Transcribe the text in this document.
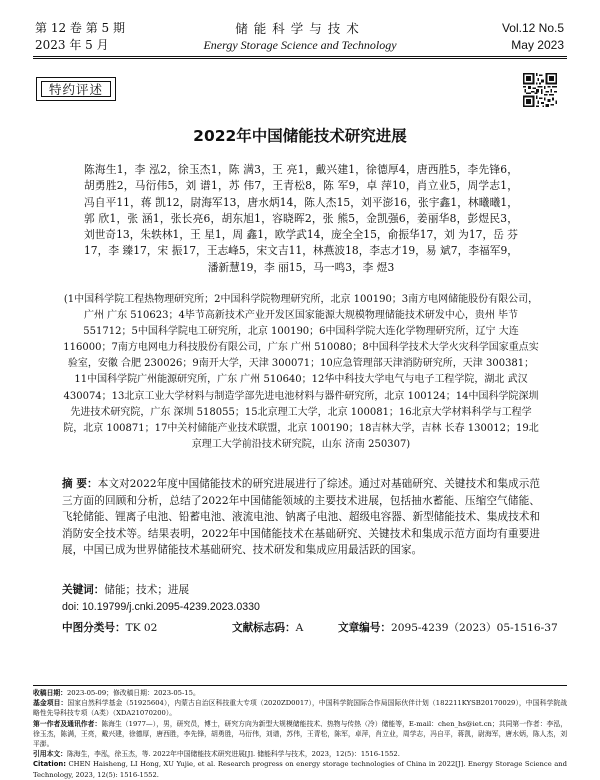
第 12 卷 第 5 期
2023 年 5 月
储能科学与技术
Energy Storage Science and Technology
Vol.12 No.5
May 2023
特约评述
2022年中国储能技术研究进展
陈海生1，李 泓2，徐玉杰1，陈 满3，王 亮1，戴兴建1，徐德厚4，唐西胜5，李先锋6，胡勇胜2，马衍伟5，刘 谱1，苏 伟7，王青松8，陈 军9，卓 萍10，肖立业5，周学志1，冯自平11，蒋 凯12，尉海军13，唐水炳14，陈人杰15，刘平澎16，张宇鑫1，林曦曦1，郭 欣1，张 涵1，张长亮6，胡东旭1，容晓晖2，张 熊5，金凯强6，姜丽华8，彭煜民3，刘世奇13，朱轶林1，王 星1，周 鑫1，欧学武14，庞全全15，俞振华17，刘 为17，岳 芬17，李 臻17，宋 振17，王志峰5，宋文吉11，林燕波18，李志才19，易 斌7，李福军9，潘新慧19，李 丽15，马一鸣3，李 煜3
(1中国科学院工程热物理研究所；2中国科学院物理研究所，北京 100190；3南方电网储能股份有限公司，广州 广东 510623；4毕节高新技术产业开发区国家能源大规模物理储能技术研发中心，贵州 毕节 551712；5中国科学院电工研究所，北京 100190；6中国科学院大连化学物理研究所，辽宁 大连 116000；7南方电网电力科技股份有限公司，广东 广州 510080；8中国科学技术大学火灾科学国家重点实验室，安徽 合肥 230026；9南开大学，天津 300071；10应急管理部天津消防研究所，天津 300381；11中国科学院广州能源研究所，广东 广州 510640；12华中科技大学电气与电子工程学院，湖北 武汉 430074；13北京工业大学材料与制造学部先进电池材料与器件研究所，北京 100124；14中国科学院深圳先进技术研究院，广东 深圳 518055；15北京理工大学，北京 100081；16北京大学材料科学与工程学院，北京 100871；17中关村储能产业技术联盟，北京 100190；18吉林大学，吉林 长春 130012；19北京理工大学前沿技术研究院，山东 济南 250307)
摘 要：本文对2022年度中国储能技术的研究进展进行了综述。通过对基础研究、关键技术和集成示范三方面的回顾和分析，总结了2022年中国储能领域的主要技术进展，包括抽水蓄能、压缩空气储能、飞轮储能、锂离子电池、铅蓄电池、液流电池、钠离子电池、超级电容器、新型储能技术、集成技术和消防安全技术等。结果表明，2022年中国储能技术在基础研究、关键技术和集成示范方面均有重要进展，中国已成为世界储能技术基础研究、技术研发和集成应用最活跃的国家。
关键词：储能；技术；进展
doi: 10.19799/j.cnki.2095-4239.2023.0330
中图分类号：TK 02	文献标志码：A	文章编号：2095-4239（2023）05-1516-37
收稿日期：2023-05-09；修改稿日期：2023-05-15。
基金项目：国家自然科学基金（51925604），内蒙古自治区科技重大专项（2020ZD0017），中国科学院国际合作局国际伙伴计划（182211KYSB20170029），中国科学院战略性先导科技专项（A类）（XDA21070200）。
第一作者及通讯作者：陈海生（1977—），男，研究员，博士，研究方向为新型大规模储能技术、热物与传热（冷）储能等，E-mail：chen_hs@iet.cn；共同第一作者：李泓，徐玉杰，陈满，王亮，戴兴建，徐德厚，唐西胜，李先锋，胡勇胜，马衍伟，刘谱，苏伟，王青松，陈军，卓萍，肖立业，周学志，冯自平，蒋凯，尉海军，唐水炳，陈人杰，刘平澎。
引用本文：陈海生，李泓，徐玉杰，等. 2022年中国储能技术研究进展[J]. 储能科学与技术，2023，12(5)：1516-1552.
Citation: CHEN Haisheng, LI Hong, XU Yujie, et al. Research progress on energy storage technologies of China in 2022[J]. Energy Storage Science and Technology, 2023, 12(5): 1516-1552.
